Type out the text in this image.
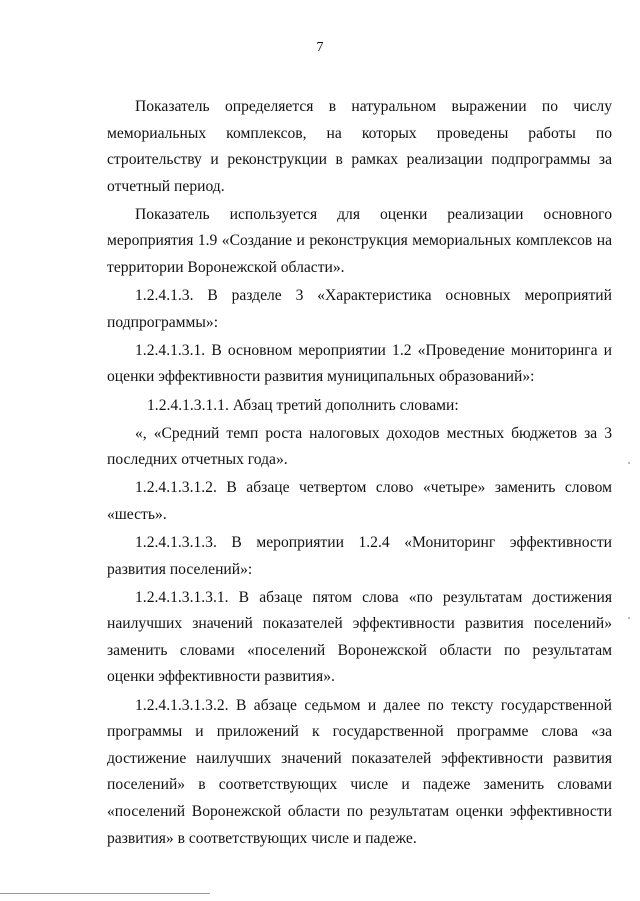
7

Показатель определяется в натуральном выражении по числу мемориальных комплексов, на которых проведены работы по строительству и реконструкции в рамках реализации подпрограммы за отчетный период.

Показатель используется для оценки реализации основного мероприятия 1.9 «Создание и реконструкция мемориальных комплексов на территории Воронежской области».

1.2.4.1.3. В разделе 3 «Характеристика основных мероприятий подпрограммы»:

1.2.4.1.3.1. В основном мероприятии 1.2 «Проведение мониторинга и оценки эффективности развития муниципальных образований»:

1.2.4.1.3.1.1. Абзац третий дополнить словами:

«, «Средний темп роста налоговых доходов местных бюджетов за 3 последних отчетных года».

1.2.4.1.3.1.2. В абзаце четвертом слово «четыре» заменить словом «шесть».

1.2.4.1.3.1.3. В мероприятии 1.2.4 «Мониторинг эффективности развития поселений»:

1.2.4.1.3.1.3.1. В абзаце пятом слова «по результатам достижения наилучших значений показателей эффективности развития поселений» заменить словами «поселений Воронежской области по результатам оценки эффективности развития».

1.2.4.1.3.1.3.2. В абзаце седьмом и далее по тексту государственной программы и приложений к государственной программе слова «за достижение наилучших значений показателей эффективности развития поселений» в соответствующих числе и падеже заменить словами «поселений Воронежской области по результатам оценки эффективности развития» в соответствующих числе и падеже.
